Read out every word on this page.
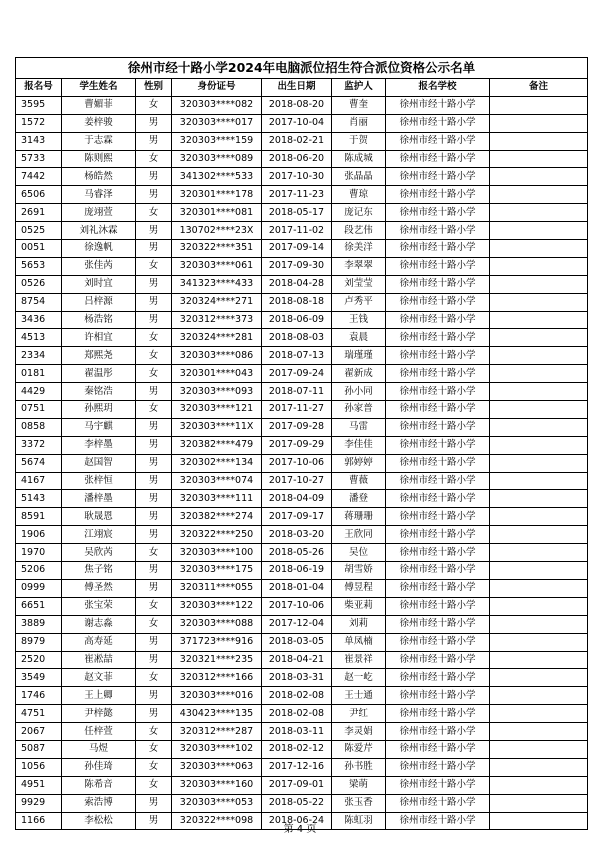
徐州市经十路小学2024年电脑派位招生符合派位资格公示名单							
报名号	学生姓名	性别	身份证号	出生日期	监护人	报名学校	备注
3595	曹媚菲	女	320303****082	2018-08-20	曹奎	徐州市经十路小学	
1572	姜梓骏	男	320303****017	2017-10-04	肖丽	徐州市经十路小学	
3143	于志霖	男	320303****159	2018-02-21	于贺	徐州市经十路小学	
5733	陈则熙	女	320303****089	2018-06-20	陈成城	徐州市经十路小学	
7442	杨皓然	男	341302****533	2017-10-30	张晶晶	徐州市经十路小学	
6506	马睿泽	男	320301****178	2017-11-23	曹琼	徐州市经十路小学	
2691	庞翊萱	女	320301****081	2018-05-17	庞记东	徐州市经十路小学	
0525	刘礼沐霖	男	130702****23X	2017-11-02	段艺伟	徐州市经十路小学	
0051	徐逸帆	男	320322****351	2017-09-14	徐美洋	徐州市经十路小学	
5653	张佳芮	女	320303****061	2017-09-30	李翠翠	徐州市经十路小学	
0526	刘时宜	男	341323****433	2018-04-28	刘莹莹	徐州市经十路小学	
8754	吕梓源	男	320324****271	2018-08-18	卢秀平	徐州市经十路小学	
3436	杨浩铭	男	320312****373	2018-06-09	王钱	徐州市经十路小学	
4513	许相宜	女	320324****281	2018-08-03	袁晨	徐州市经十路小学	
2334	郑熙尧	女	320303****086	2018-07-13	瑞瑾瑾	徐州市经十路小学	
0181	翟温彤	女	320301****043	2017-09-24	翟新成	徐州市经十路小学	
4429	秦铭浩	男	320303****093	2018-07-11	孙小同	徐州市经十路小学	
0751	孙熙玥	女	320303****121	2017-11-27	孙家普	徐州市经十路小学	
0858	马宇麒	男	320303****11X	2017-09-28	马雷	徐州市经十路小学	
3372	李梓墨	男	320382****479	2017-09-29	李佳佳	徐州市经十路小学	
5674	赵国智	男	320302****134	2017-10-06	郭婷婷	徐州市经十路小学	
4167	张梓恒	男	320303****074	2017-10-27	曹薇	徐州市经十路小学	
5143	潘梓墨	男	320303****111	2018-04-09	潘登	徐州市经十路小学	
8591	耿晟恩	男	320382****274	2017-09-17	蒋珊珊	徐州市经十路小学	
1906	江翊宸	男	320322****250	2018-03-20	王欣同	徐州市经十路小学	
1970	吴欣芮	女	320303****100	2018-05-26	吴位	徐州市经十路小学	
5206	焦子铭	男	320303****175	2018-06-19	胡雪娇	徐州市经十路小学	
0999	傅圣然	男	320311****055	2018-01-04	傅昱程	徐州市经十路小学	
6651	张宝荣	女	320303****122	2017-10-06	柴亚莉	徐州市经十路小学	
3889	谢志淼	女	320303****088	2017-12-04	刘莉	徐州市经十路小学	
8979	高寿延	男	371723****916	2018-03-05	单凤楠	徐州市经十路小学	
2520	崔凇喆	男	320321****235	2018-04-21	崔景祥	徐州市经十路小学	
3549	赵文菲	女	320312****166	2018-03-31	赵一屹	徐州市经十路小学	
1746	王上卿	男	320303****016	2018-02-08	王士通	徐州市经十路小学	
4751	尹梓懿	男	430423****135	2018-02-08	尹红	徐州市经十路小学	
2067	任梓萱	女	320312****287	2018-03-11	李灵娟	徐州市经十路小学	
5087	马煜	女	320303****102	2018-02-12	陈爱芹	徐州市经十路小学	
1056	孙佳琦	女	320303****063	2017-12-16	孙书胜	徐州市经十路小学	
4951	陈希音	女	320303****160	2017-09-01	梁萌	徐州市经十路小学	
9929	索浩博	男	320303****053	2018-05-22	张玉香	徐州市经十路小学	
1166	李松松	男	320322****098	2018-06-24	陈虹羽	徐州市经十路小学	
第 4 页
